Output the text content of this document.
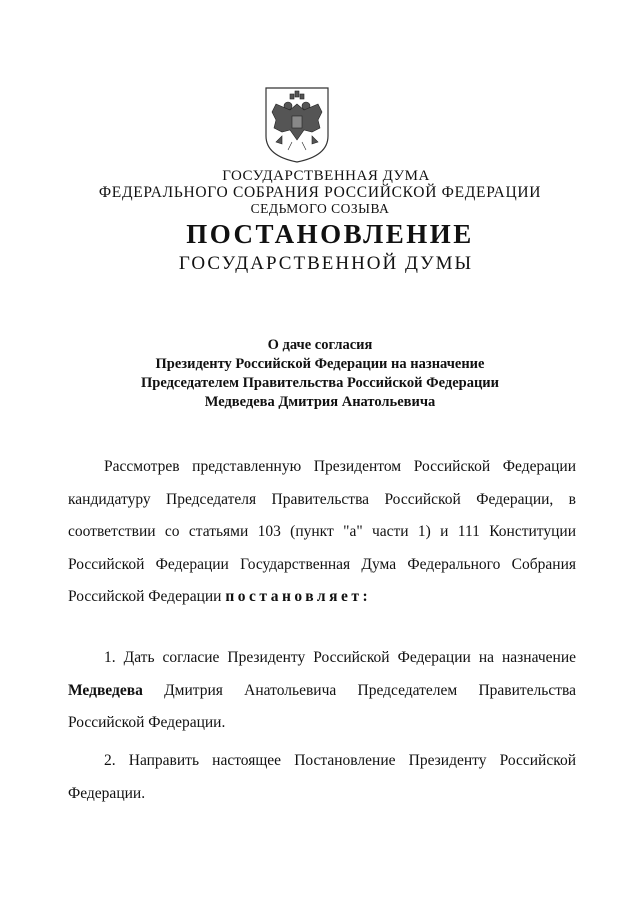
ГОСУДАРСТВЕННАЯ ДУМА
ФЕДЕРАЛЬНОГО СОБРАНИЯ РОССИЙСКОЙ ФЕДЕРАЦИИ
СЕДЬМОГО СОЗЫВА
ПОСТАНОВЛЕНИЕ
ГОСУДАРСТВЕННОЙ ДУМЫ
О даче согласия
Президенту Российской Федерации на назначение
Председателем Правительства Российской Федерации
Медведева Дмитрия Анатольевича

Рассмотрев представленную Президентом Российской Федерации кандидатуру Председателя Правительства Российской Федерации, в соответствии со статьями 103 (пункт "а" части 1) и 111 Конституции Российской Федерации Государственная Дума Федерального Собрания Российской Федерации постановляет:

1. Дать согласие Президенту Российской Федерации на назначение Медведева Дмитрия Анатольевича Председателем Правительства Российской Федерации.

2. Направить настоящее Постановление Президенту Российской Федерации.
